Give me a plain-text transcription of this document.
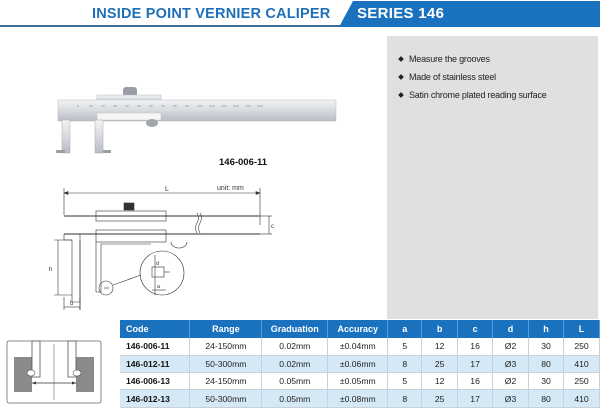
INSIDE POINT VERNIER CALIPER	SERIES 146
Measure the grooves
Made of stainless steel
Satin chrome plated reading surface
0	10	20	30	40	50	60	70	80	90	100 110 120 130 140 150
146-006-11
L
c
h
b
d
a
unit: mm
Code	Range	Graduation	Accuracy	a	b	c	d	h	L
146-006-11	24-150mm	0.02mm	±0.04mm	5	12	16	Ø2	30	250
146-012-11	50-300mm	0.02mm	±0.06mm	8	25	17	Ø3	80	410
146-006-13	24-150mm	0.05mm	±0.05mm	5	12	16	Ø2	30	250
146-012-13	50-300mm	0.05mm	±0.08mm	8	25	17	Ø3	80	410
